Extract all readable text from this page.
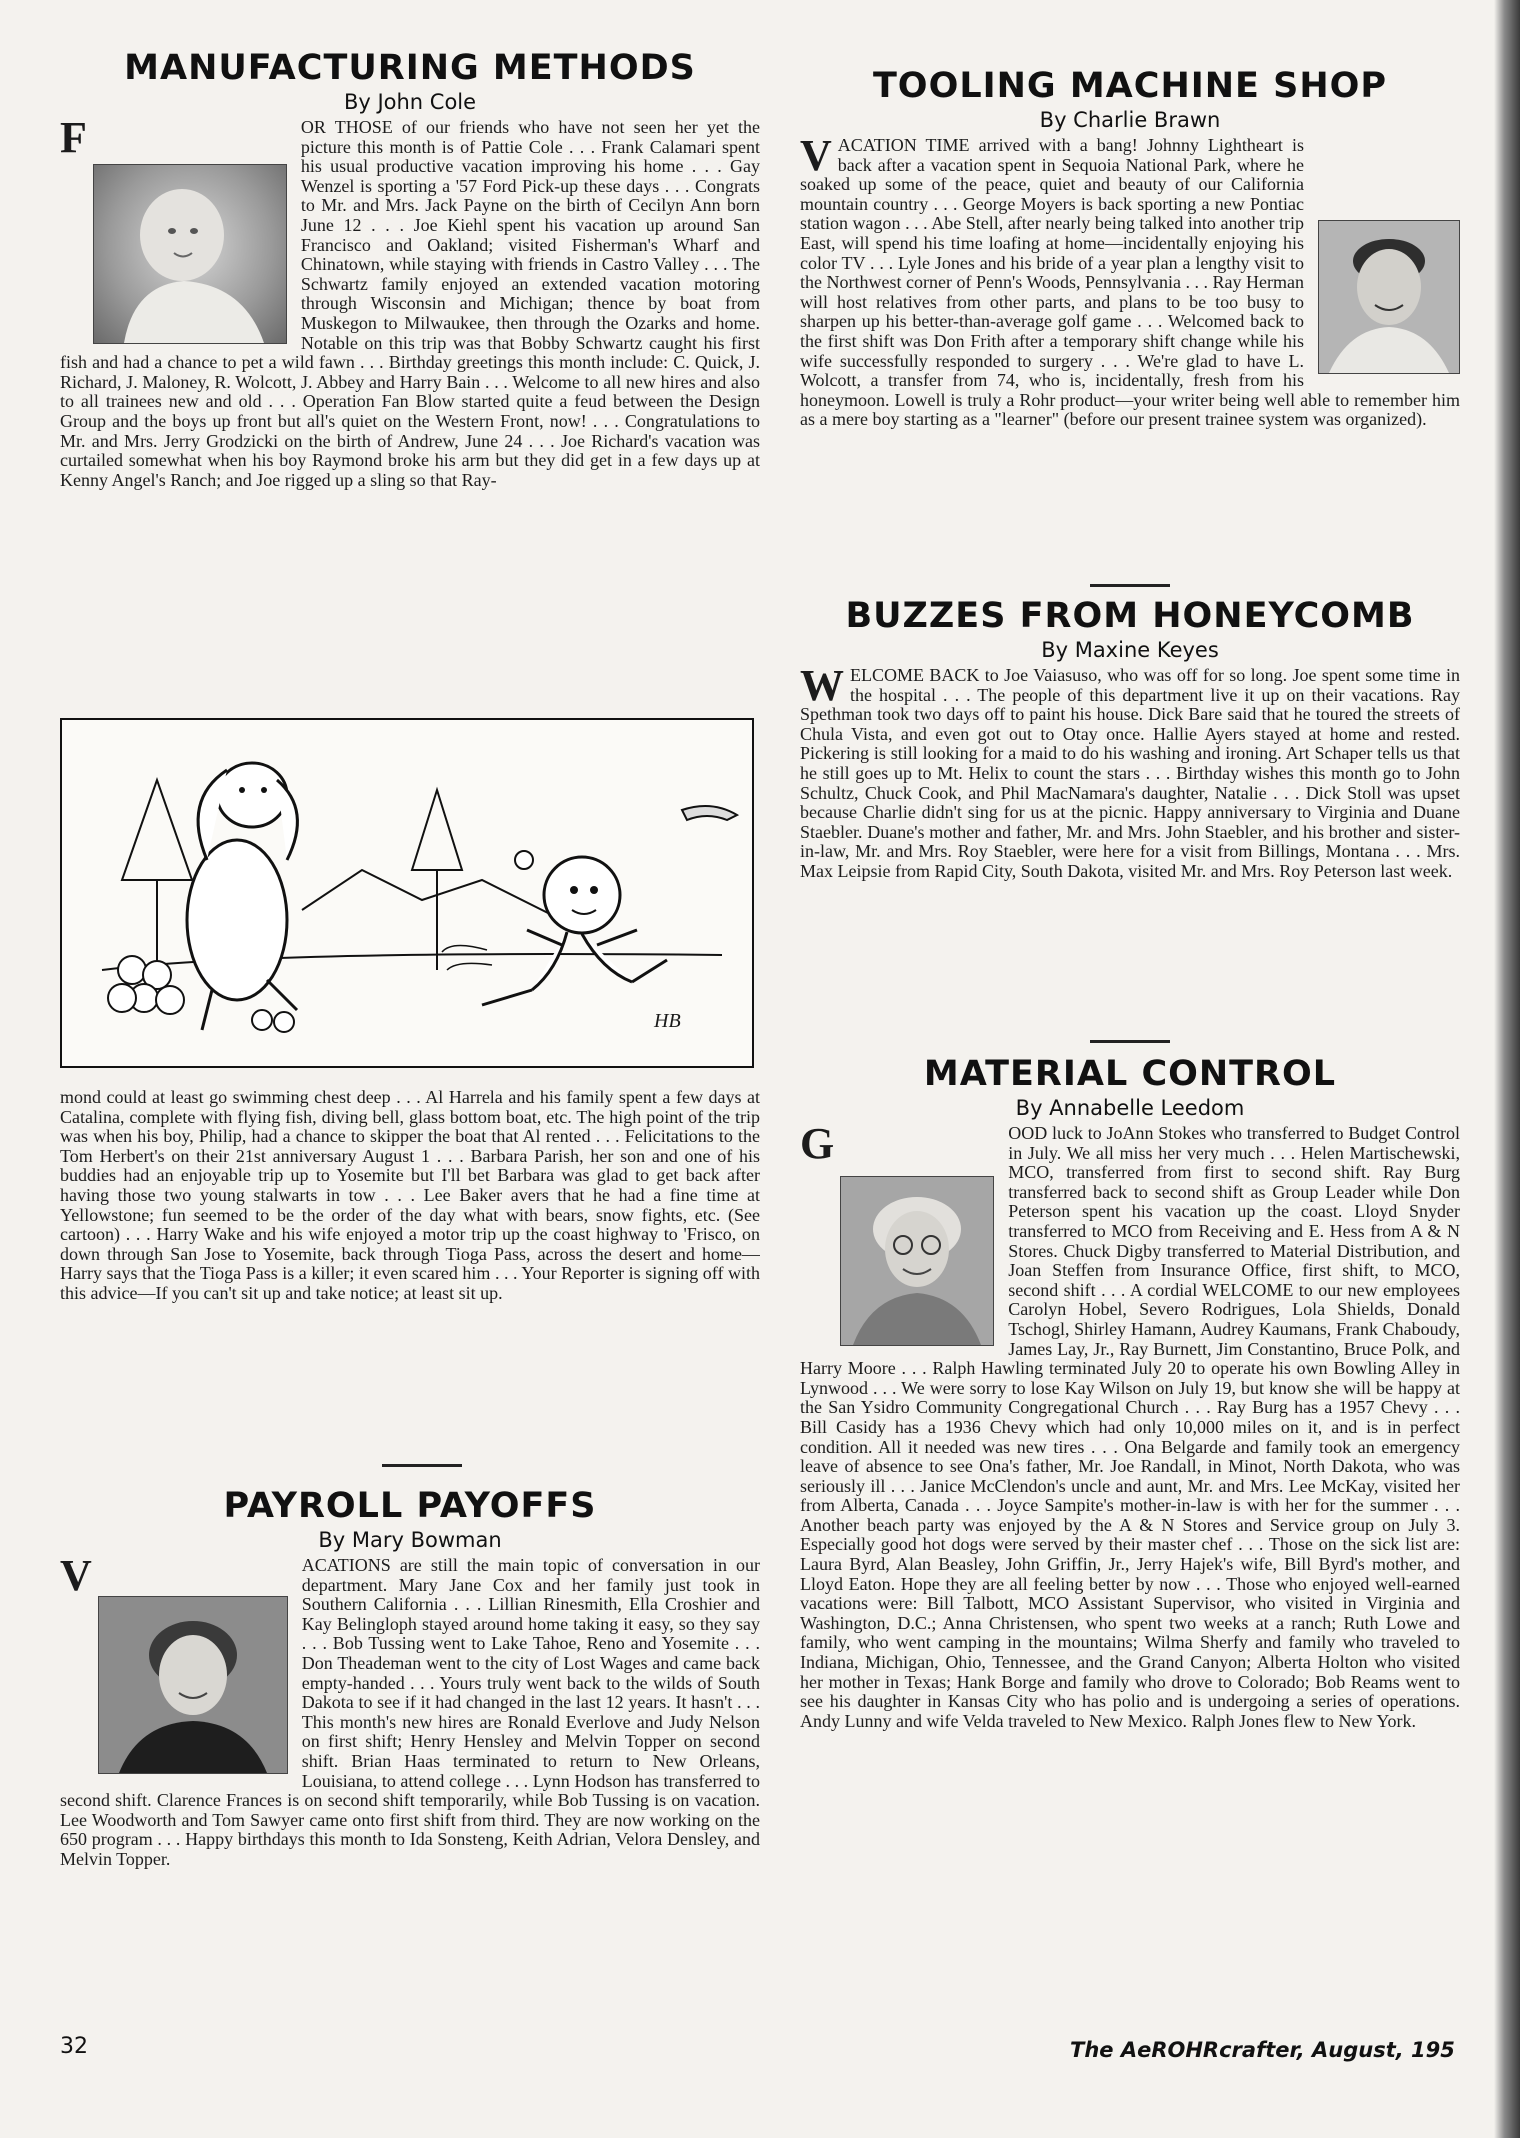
MANUFACTURING METHODS
By John Cole

F	OR THOSE of our friends who have not seen her yet the picture this month is of Pattie Cole . . . Frank Calamari spent his usual productive vacation improving his home . . . Gay Wenzel is sporting a '57 Ford Pick-up these days . . . Congrats to Mr. and Mrs. Jack Payne on the birth of Cecilyn Ann born June 12 . . . Joe Kiehl spent his vacation up around San Francisco and Oakland; visited Fisherman's Wharf and Chinatown, while staying with friends in Castro Valley . . . The Schwartz family enjoyed an extended vacation motoring through Wisconsin and Michigan; thence by boat from Muskegon to Milwaukee, then through the Ozarks and home. Notable on this trip was that Bobby Schwartz caught his first fish and had a chance to pet a wild fawn . . . Birthday greetings this month include: C. Quick, J. Richard, J. Maloney, R. Wolcott, J. Abbey and Harry Bain . . . Welcome to all new hires and also to all trainees new and old . . . Operation Fan Blow started quite a feud between the Design Group and the boys up front but all's quiet on the Western Front, now! . . . Congratulations to Mr. and Mrs. Jerry Grodzicki on the birth of Andrew, June 24 . . . Joe Richard's vacation was curtailed somewhat when his boy Raymond broke his arm but they did get in a few days up at Kenny Angel's Ranch; and Joe rigged up a sling so that Ray-

HB

mond could at least go swimming chest deep . . . Al Harrela and his family spent a few days at Catalina, complete with flying fish, diving bell, glass bottom boat, etc. The high point of the trip was when his boy, Philip, had a chance to skipper the boat that Al rented . . . Felicitations to the Tom Herbert's on their 21st anniversary August 1 . . . Barbara Parish, her son and one of his buddies had an enjoyable trip up to Yosemite but I'll bet Barbara was glad to get back after having those two young stalwarts in tow . . . Lee Baker avers that he had a fine time at Yellowstone; fun seemed to be the order of the day what with bears, snow fights, etc. (See cartoon) . . . Harry Wake and his wife enjoyed a motor trip up the coast highway to 'Frisco, on down through San Jose to Yosemite, back through Tioga Pass, across the desert and home—Harry says that the Tioga Pass is a killer; it even scared him . . . Your Reporter is signing off with this advice—If you can't sit up and take notice; at least sit up.

PAYROLL PAYOFFS
By Mary Bowman

V	ACATIONS are still the main topic of conversation in our department. Mary Jane Cox and her family just took in Southern California . . . Lillian Rinesmith, Ella Croshier and Kay Belingloph stayed around home taking it easy, so they say . . . Bob Tussing went to Lake Tahoe, Reno and Yosemite . . . Don Theademan went to the city of Lost Wages and came back empty-handed . . . Yours truly went back to the wilds of South Dakota to see if it had changed in the last 12 years. It hasn't . . . This month's new hires are Ronald Everlove and Judy Nelson on first shift; Henry Hensley and Melvin Topper on second shift. Brian Haas terminated to return to New Orleans, Louisiana, to attend college . . . Lynn Hodson has transferred to second shift. Clarence Frances is on second shift temporarily, while Bob Tussing is on vacation. Lee Woodworth and Tom Sawyer came onto first shift from third. They are now working on the 650 program . . . Happy birthdays this month to Ida Sonsteng, Keith Adrian, Velora Densley, and Melvin Topper.

32
TOOLING MACHINE SHOP
By Charlie Brawn

V ACATION TIME arrived with a bang! Johnny Lightheart is back after a vacation spent in Sequoia National Park, where he soaked up some of the peace, quiet and beauty of our California mountain country . . . George Moyers is back sporting a new Pontiac station wagon . . . Abe Stell, after nearly being talked into another trip East, will spend his time loafing at home—incidentally enjoying his color TV . . . Lyle Jones and his bride of a year plan a lengthy visit to the Northwest corner of Penn's Woods, Pennsylvania . . . Ray Herman will host relatives from other parts, and plans to be too busy to sharpen up his better-than-average golf game . . . Welcomed back to the first shift was Don Frith after a temporary shift change while his wife successfully responded to surgery . . . We're glad to have L. Wolcott, a transfer from 74, who is, incidentally, fresh from his honeymoon. Lowell is truly a Rohr product—your writer being well able to remember him as a mere boy starting as a "learner" (before our present trainee system was organized).

BUZZES FROM HONEYCOMB
By Maxine Keyes

W ELCOME BACK to Joe Vaiasuso, who was off for so long. Joe spent some time in the hospital . . . The people of this department live it up on their vacations. Ray Spethman took two days off to paint his house. Dick Bare said that he toured the streets of Chula Vista, and even got out to Otay once. Hallie Ayers stayed at home and rested. Pickering is still looking for a maid to do his washing and ironing. Art Schaper tells us that he still goes up to Mt. Helix to count the stars . . . Birthday wishes this month go to John Schultz, Chuck Cook, and Phil MacNamara's daughter, Natalie . . . Dick Stoll was upset because Charlie didn't sing for us at the picnic. Happy anniversary to Virginia and Duane Staebler. Duane's mother and father, Mr. and Mrs. John Staebler, and his brother and sister-in-law, Mr. and Mrs. Roy Staebler, were here for a visit from Billings, Montana . . . Mrs. Max Leipsie from Rapid City, South Dakota, visited Mr. and Mrs. Roy Peterson last week.

MATERIAL CONTROL
By Annabelle Leedom

G	OOD luck to JoAnn Stokes who transferred to Budget Control in July. We all miss her very much . . . Helen Martischewski, MCO, transferred from first to second shift. Ray Burg transferred back to second shift as Group Leader while Don Peterson spent his vacation up the coast. Lloyd Snyder transferred to MCO from Receiving and E. Hess from A & N Stores. Chuck Digby transferred to Material Distribution, and Joan Steffen from Insurance Office, first shift, to MCO, second shift . . . A cordial WELCOME to our new employees Carolyn Hobel, Severo Rodrigues, Lola Shields, Donald Tschogl, Shirley Hamann, Audrey Kaumans, Frank Chaboudy, James Lay, Jr., Ray Burnett, Jim Constantino, Bruce Polk, and Harry Moore . . . Ralph Hawling terminated July 20 to operate his own Bowling Alley in Lynwood . . . We were sorry to lose Kay Wilson on July 19, but know she will be happy at the San Ysidro Community Congregational Church . . . Ray Burg has a 1957 Chevy . . . Bill Casidy has a 1936 Chevy which had only 10,000 miles on it, and is in perfect condition. All it needed was new tires . . . Ona Belgarde and family took an emergency leave of absence to see Ona's father, Mr. Joe Randall, in Minot, North Dakota, who was seriously ill . . . Janice McClendon's uncle and aunt, Mr. and Mrs. Lee McKay, visited her from Alberta, Canada . . . Joyce Sampite's mother-in-law is with her for the summer . . . Another beach party was enjoyed by the A & N Stores and Service group on July 3. Especially good hot dogs were served by their master chef . . . Those on the sick list are: Laura Byrd, Alan Beasley, John Griffin, Jr., Jerry Hajek's wife, Bill Byrd's mother, and Lloyd Eaton. Hope they are all feeling better by now . . . Those who enjoyed well-earned vacations were: Bill Talbott, MCO Assistant Supervisor, who visited in Virginia and Washington, D.C.; Anna Christensen, who spent two weeks at a ranch; Ruth Lowe and family, who went camping in the mountains; Wilma Sherfy and family who traveled to Indiana, Michigan, Ohio, Tennessee, and the Grand Canyon; Alberta Holton who visited her mother in Texas; Hank Borge and family who drove to Colorado; Bob Reams went to see his daughter in Kansas City who has polio and is undergoing a series of operations. Andy Lunny and wife Velda traveled to New Mexico. Ralph Jones flew to New York.

The AeROHRcrafter, August, 195
